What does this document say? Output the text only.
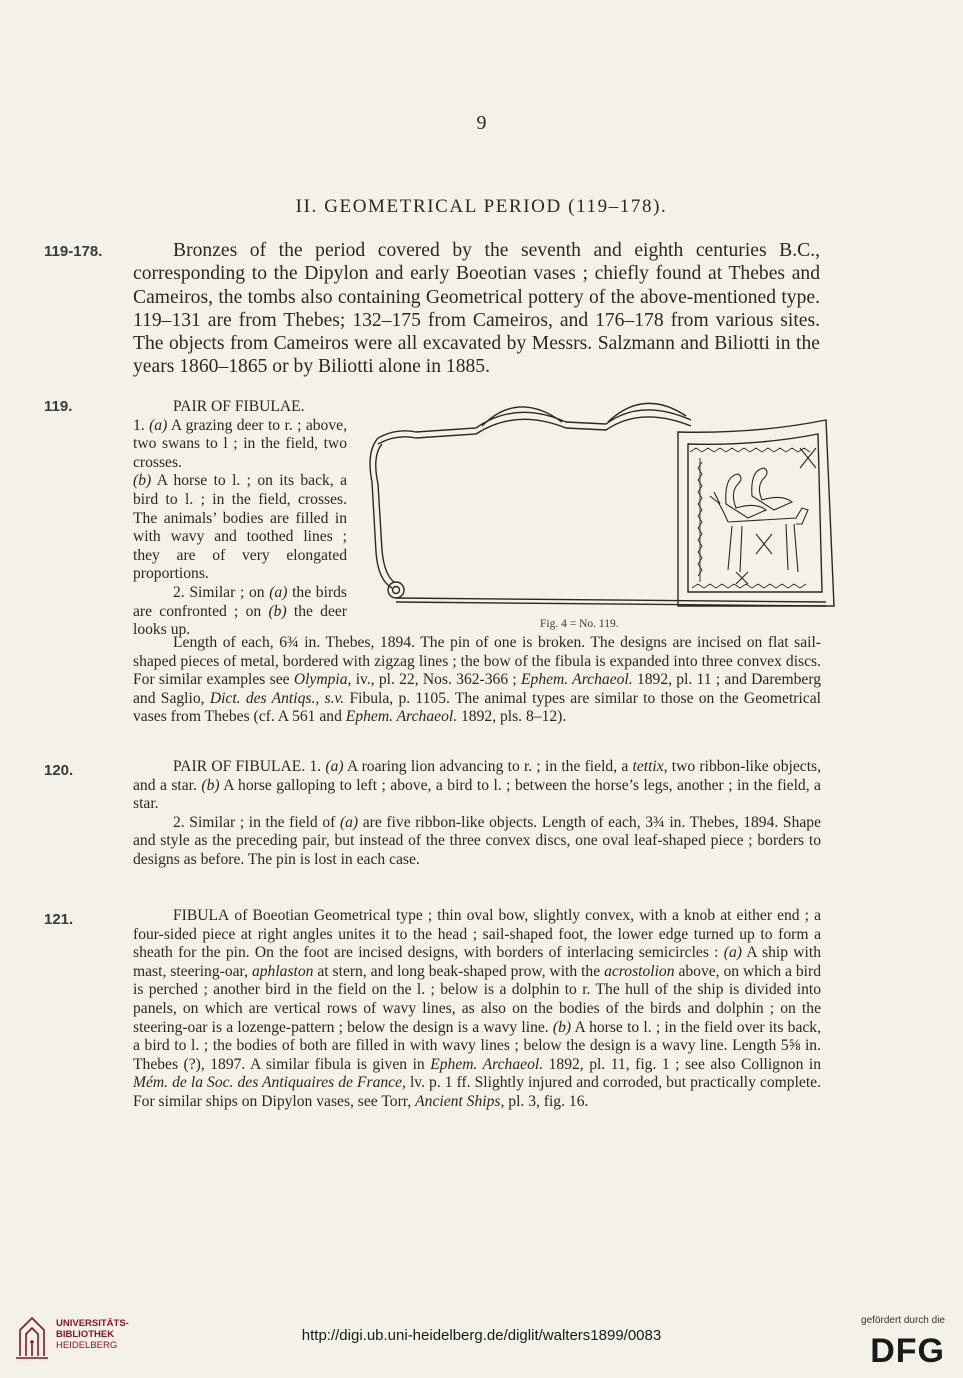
9
II. GEOMETRICAL PERIOD (119–178).
119-178.	Bronzes of the period covered by the seventh and eighth centuries B.C., corresponding to the Dipylon and early Boeotian vases ; chiefly found at Thebes and Cameiros, the tombs also containing Geometrical pottery of the above-mentioned type. 119–131 are from Thebes; 132–175 from Cameiros, and 176–178 from various sites. The objects from Cameiros were all excavated by Messrs. Salzmann and Biliotti in the years 1860–1865 or by Biliotti alone in 1885.

119.	PAIR OF FIBULAE.

1. (a) A grazing deer to r. ; above, two swans to l ; in the field, two crosses.

(b) A horse to l. ; on its back, a bird to l. ; in the field, crosses. The animals’ bodies are filled in with wavy and toothed lines ; they are of very elongated proportions.

2. Similar ; on (a) the birds are confronted ; on (b) the deer looks up.	Fig. 4 = No. 119.

Length of each, 6¾ in. Thebes, 1894. The pin of one is broken. The designs are incised on flat sail-shaped pieces of metal, bordered with zigzag lines ; the bow of the fibula is expanded into three convex discs. For similar examples see Olympia, iv., pl. 22, Nos. 362-366 ; Ephem. Archaeol. 1892, pl. 11 ; and Daremberg and Saglio, Dict. des Antiqs., s.v. Fibula, p. 1105. The animal types are similar to those on the Geometrical vases from Thebes (cf. A 561 and Ephem. Archaeol. 1892, pls. 8–12).

120.	PAIR OF FIBULAE. 1. (a) A roaring lion advancing to r. ; in the field, a tettix, two ribbon-like objects, and a star. (b) A horse galloping to left ; above, a bird to l. ; between the horse’s legs, another ; in the field, a star.

2. Similar ; in the field of (a) are five ribbon-like objects. Length of each, 3¾ in. Thebes, 1894. Shape and style as the preceding pair, but instead of the three convex discs, one oval leaf-shaped piece ; borders to designs as before. The pin is lost in each case.

121.	FIBULA of Boeotian Geometrical type ; thin oval bow, slightly convex, with a knob at either end ; a four-sided piece at right angles unites it to the head ; sail-shaped foot, the lower edge turned up to form a sheath for the pin. On the foot are incised designs, with borders of interlacing semicircles : (a) A ship with mast, steering-oar, aphlaston at stern, and long beak-shaped prow, with the acrostolion above, on which a bird is perched ; another bird in the field on the l. ; below is a dolphin to r. The hull of the ship is divided into panels, on which are vertical rows of wavy lines, as also on the bodies of the birds and dolphin ; on the steering-oar is a lozenge-pattern ; below the design is a wavy line. (b) A horse to l. ; in the field over its back, a bird to l. ; the bodies of both are filled in with wavy lines ; below the design is a wavy line. Length 5⅝ in. Thebes (?), 1897. A similar fibula is given in Ephem. Archaeol. 1892, pl. 11, fig. 1 ; see also Collignon in Mém. de la Soc. des Antiquaires de France, lv. p. 1 ff. Slightly injured and corroded, but practically complete. For similar ships on Dipylon vases, see Torr, Ancient Ships, pl. 3, fig. 16.

UNIVERSITÄTS-
BIBLIOTHEK
HEIDELBERG
http://digi.ub.uni-heidelberg.de/diglit/walters1899/0083
gefördert durch die
DFG
